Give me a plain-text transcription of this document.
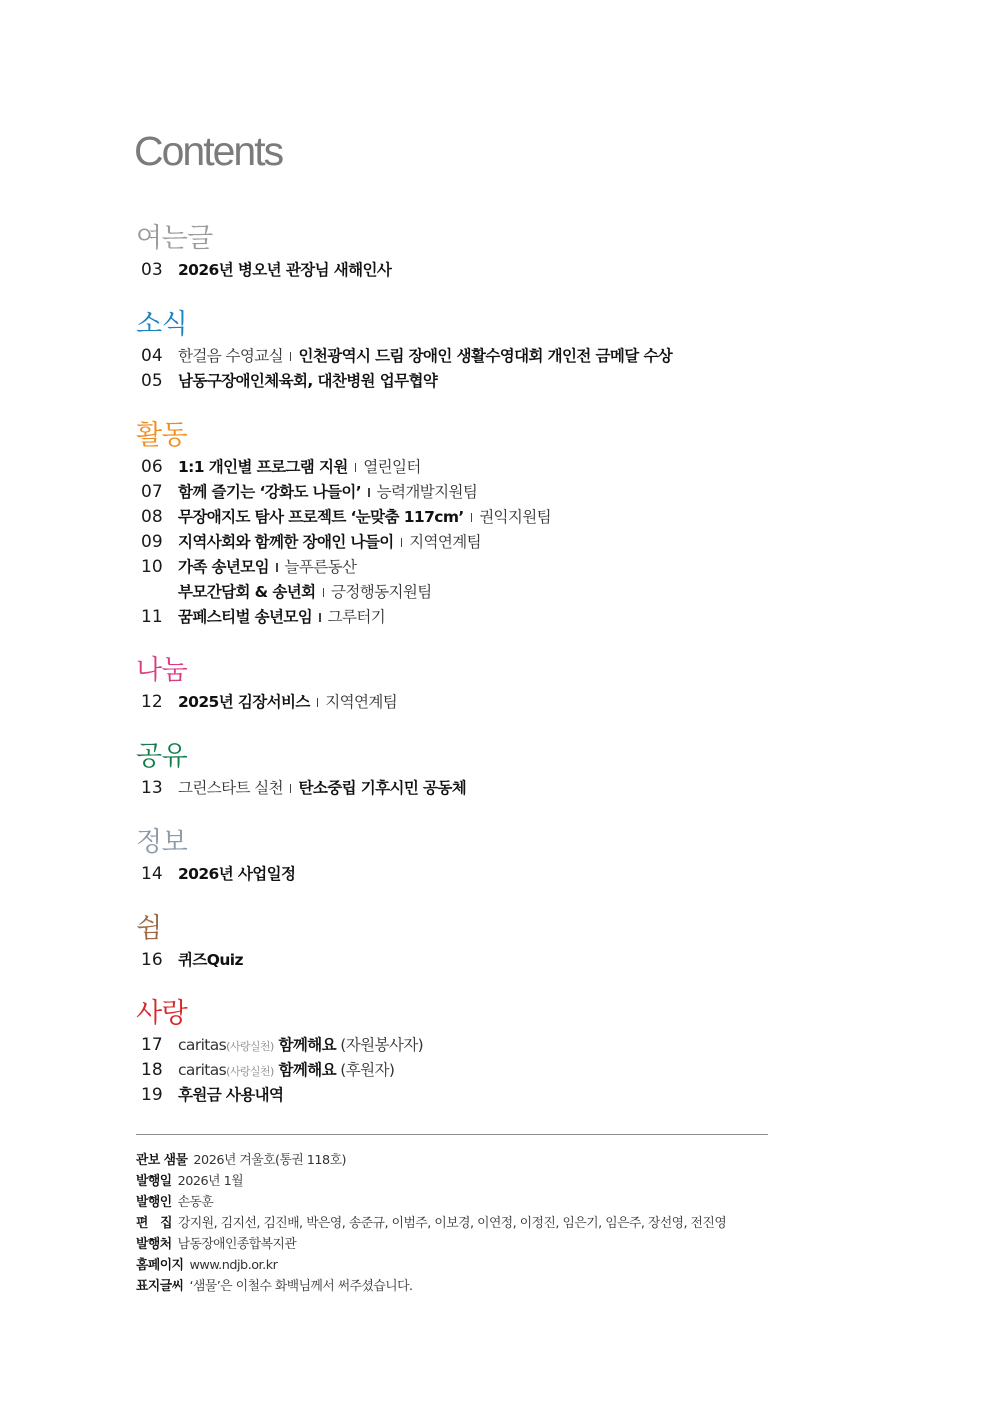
Contents
여는글
03 2026년 병오년 관장님 새해인사
소식
04 한걸음 수영교실 인천광역시 드림 장애인 생활수영대회 개인전 금메달 수상
05 남동구장애인체육회, 대찬병원 업무협약
활동
06 1:1 개인별 프로그램 지원 열린일터
07 함께 즐기는 ‘강화도 나들이’ 능력개발지원팀
08 무장애지도 탐사 프로젝트 ‘눈맞춤 117cm’ 권익지원팀
09 지역사회와 함께한 장애인 나들이 지역연계팀
10 가족 송년모임 늘푸른동산
부모간담회 & 송년회 긍정행동지원팀
11 꿈페스티벌 송년모임 그루터기
나눔
12 2025년 김장서비스 지역연계팀
공유
13 그린스타트 실천 탄소중립 기후시민 공동체
정보
14 2026년 사업일정
쉼
16 퀴즈Quiz
사랑
17 caritas(사랑실천) 함께해요 (자원봉사자)
18 caritas(사랑실천) 함께해요 (후원자)
19 후원금 사용내역
관보 샘물 2026년 겨울호(통권 118호)
발행일 2026년 1월
발행인 손동훈
편　집 강지원, 김지선, 김진배, 박은영, 송준규, 이범주, 이보경, 이연정, 이정진, 임은기, 임은주, 장선영, 전진영
발행처 남동장애인종합복지관
홈페이지 www.ndjb.or.kr
표지글씨 ‘샘물’은 이철수 화백님께서 써주셨습니다.
